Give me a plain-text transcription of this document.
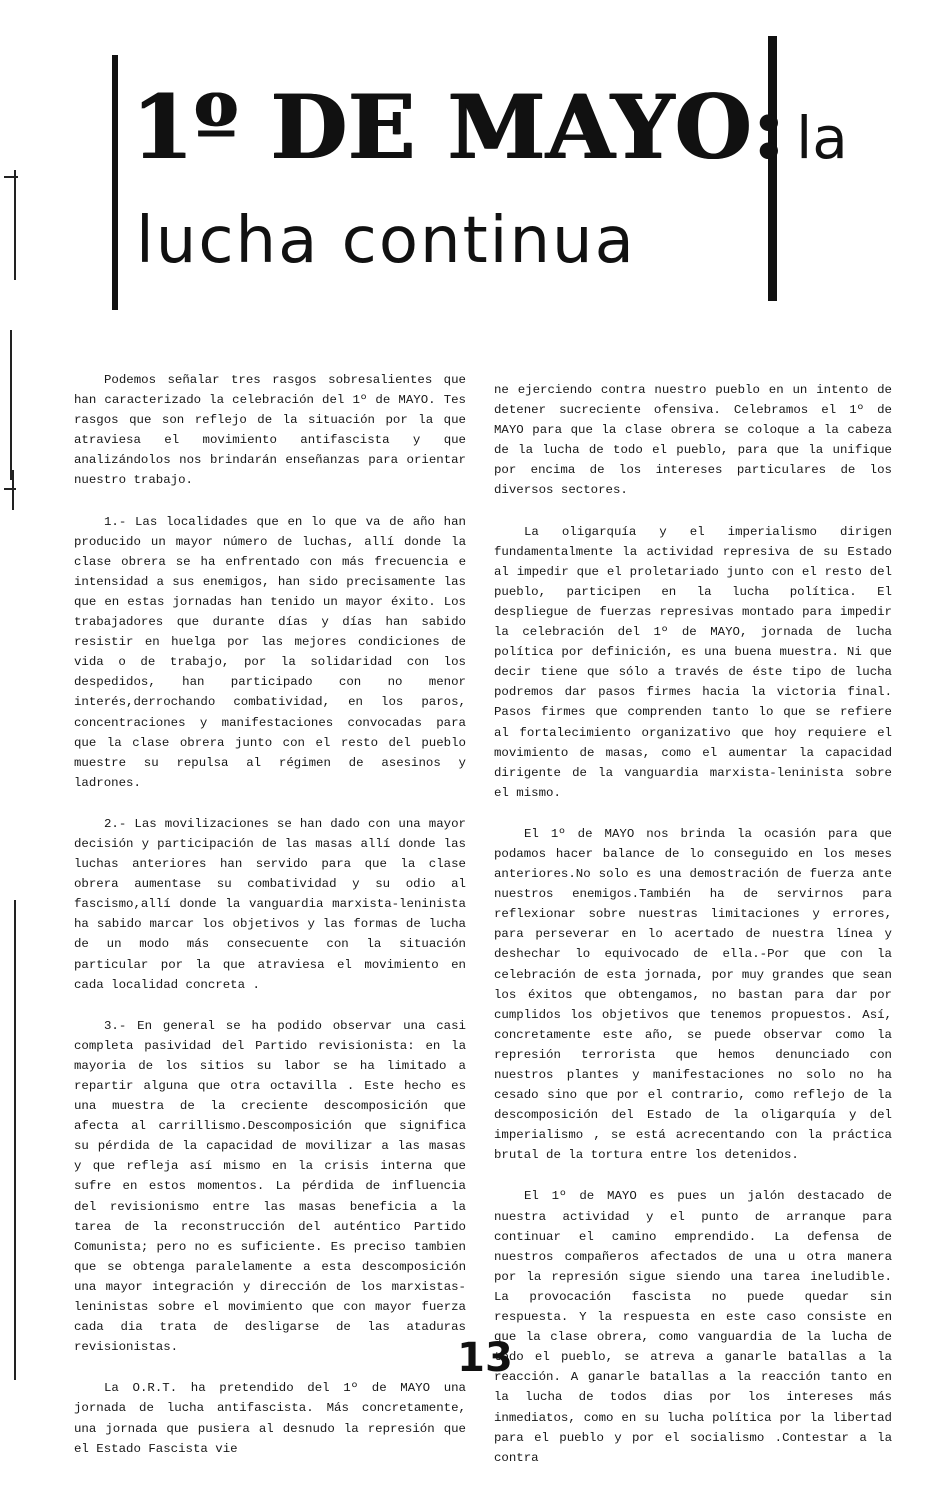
1º DE MAYO: la
lucha continua

Podemos señalar tres rasgos sobresalientes que han caracterizado la celebración del 1º de MAYO. Tes rasgos que son reflejo de la situación por la que atraviesa el movimiento antifascista y que analizándolos nos brindarán enseñanzas para orientar nuestro trabajo.

1.- Las localidades que en lo que va de año han producido un mayor número de luchas, allí donde la clase obrera se ha enfrentado con más frecuencia e intensidad a sus enemigos, han sido precisamente las que en estas jornadas han tenido un mayor éxito. Los trabajadores que durante días y días han sabido resistir en huelga por las mejores condiciones de vida o de trabajo, por la solidaridad con los despedidos, han participado con no menor interés,derrochando combatividad, en los paros, concentraciones y manifestaciones convocadas para que la clase obrera junto con el resto del pueblo muestre su repulsa al régimen de asesinos y ladrones.

2.- Las movilizaciones se han dado con una mayor decisión y participación de las masas allí donde las luchas anteriores han servido para que la clase obrera aumentase su combatividad y su odio al fascismo,allí donde la vanguardia marxista-leninista ha sabido marcar los objetivos y las formas de lucha de un modo más consecuente con la situación particular por la que atraviesa el movimiento en cada localidad concreta .

3.- En general se ha podido observar una casi completa pasividad del Partido revisionista: en la mayoria de los sitios su labor se ha limitado a repartir alguna que otra octavilla . Este hecho es una muestra de la creciente descomposición que afecta al carrillismo.Descomposición que significa su pérdida de la capacidad de movilizar a las masas y que refleja así mismo en la crisis interna que sufre en estos momentos. La pérdida de influencia del revisionismo entre las masas beneficia a la tarea de la reconstrucción del auténtico Partido Comunista; pero no es suficiente. Es preciso tambien que se obtenga paralelamente a esta descomposición una mayor integración y dirección de los marxistas- leninistas sobre el movimiento que con mayor fuerza cada dia trata de desligarse de las ataduras revisionistas.

La O.R.T. ha pretendido del 1º de MAYO una jornada de lucha antifascista. Más concretamente, una jornada que pusiera al desnudo la represión que el Estado Fascista vie

ne ejerciendo contra nuestro pueblo en un intento de detener sucreciente ofensiva. Celebramos el 1º de MAYO para que la clase obrera se coloque a la cabeza de la lucha de todo el pueblo, para que la unifique por encima de los intereses particulares de los diversos sectores.

La oligarquía y el imperialismo dirigen fundamentalmente la actividad represiva de su Estado al impedir que el proletariado junto con el resto del pueblo, participen en la lucha política. El despliegue de fuerzas represivas montado para impedir la celebración del 1º de MAYO, jornada de lucha política por definición, es una buena muestra. Ni que decir tiene que sólo a través de éste tipo de lucha podremos dar pasos firmes hacia la victoria final. Pasos firmes que comprenden tanto lo que se refiere al fortalecimiento organizativo que hoy requiere el movimiento de masas, como el aumentar la capacidad dirigente de la vanguardia marxista-leninista sobre el mismo.

El 1º de MAYO nos brinda la ocasión para que podamos hacer balance de lo conseguido en los meses anteriores.No solo es una demostración de fuerza ante nuestros enemigos.También ha de servirnos para reflexionar sobre nuestras limitaciones y errores, para perseverar en lo acertado de nuestra línea y deshechar lo equivocado de ella.-Por que con la celebración de esta jornada, por muy grandes que sean los éxitos que obtengamos, no bastan para dar por cumplidos los objetivos que tenemos propuestos. Así, concretamente este año, se puede observar como la represión terrorista que hemos denunciado con nuestros plantes y manifestaciones no solo no ha cesado sino que por el contrario, como reflejo de la descomposición del Estado de la oligarquía y del imperialismo , se está acrecentando con la práctica brutal de la tortura entre los detenidos.

El 1º de MAYO es pues un jalón destacado de nuestra actividad y el punto de arranque para continuar el camino emprendido. La defensa de nuestros compañeros afectados de una u otra manera por la represión sigue siendo una tarea ineludible. La provocación fascista no puede quedar sin respuesta. Y la respuesta en este caso consiste en que la clase obrera, como vanguardia de la lucha de todo el pueblo, se atreva a ganarle batallas a la reacción. A ganarle batallas a la reacción tanto en la lucha de todos dias por los intereses más inmediatos, como en su lucha política por la libertad para el pueblo y por el socialismo .Contestar a la contra

13
